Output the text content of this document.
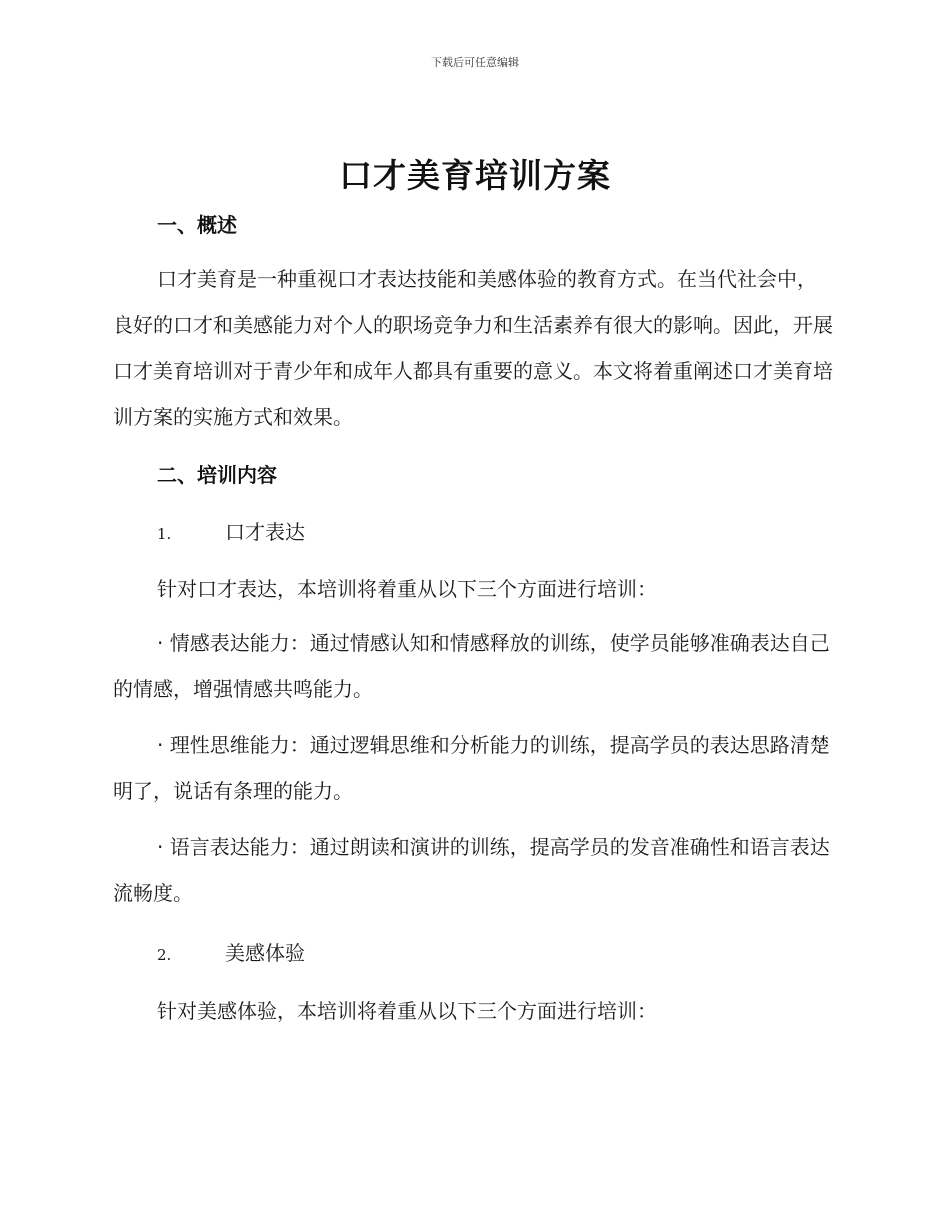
下载后可任意编辑
口才美育培训方案
一、概述

口才美育是一种重视口才表达技能和美感体验的教育方式。在当代社会中，良好的口才和美感能力对个人的职场竞争力和生活素养有很大的影响。因此，开展口才美育培训对于青少年和成年人都具有重要的意义。本文将着重阐述口才美育培训方案的实施方式和效果。

二、培训内容
1.	口才表达
针对口才表达，本培训将着重从以下三个方面进行培训：

· 情感表达能力：通过情感认知和情感释放的训练，使学员能够准确表达自己的情感，增强情感共鸣能力。

· 理性思维能力：通过逻辑思维和分析能力的训练，提高学员的表达思路清楚明了，说话有条理的能力。

· 语言表达能力：通过朗读和演讲的训练，提高学员的发音准确性和语言表达流畅度。

2.	美感体验
针对美感体验，本培训将着重从以下三个方面进行培训：
